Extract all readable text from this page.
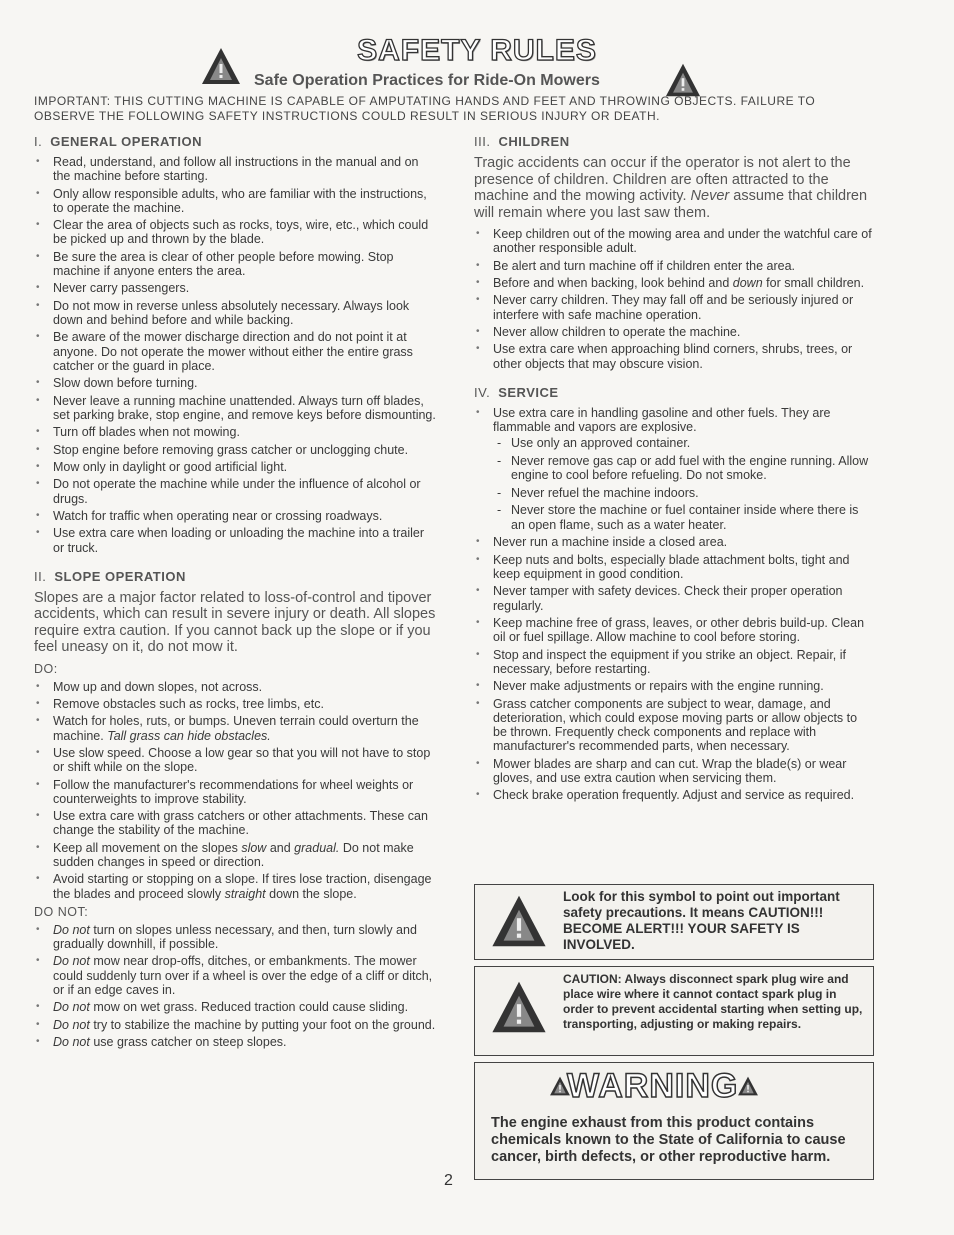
SAFETY RULES
Safe Operation Practices for Ride-On Mowers
IMPORTANT: THIS CUTTING MACHINE IS CAPABLE OF AMPUTATING HANDS AND FEET AND THROWING OBJECTS. FAILURE TO OBSERVE THE FOLLOWING SAFETY INSTRUCTIONS COULD RESULT IN SERIOUS INJURY OR DEATH.
I. GENERAL OPERATION
• Read, understand, and follow all instructions in the manual and on the machine before starting.
• Only allow responsible adults, who are familiar with the instructions, to operate the machine.
• Clear the area of objects such as rocks, toys, wire, etc., which could be picked up and thrown by the blade.
• Be sure the area is clear of other people before mowing. Stop machine if anyone enters the area.
• Never carry passengers.
• Do not mow in reverse unless absolutely necessary. Always look down and behind before and while backing.
• Be aware of the mower discharge direction and do not point it at anyone. Do not operate the mower without either the entire grass catcher or the guard in place.
• Slow down before turning.
• Never leave a running machine unattended. Always turn off blades, set parking brake, stop engine, and remove keys before dismounting.
• Turn off blades when not mowing.
• Stop engine before removing grass catcher or unclogging chute.
• Mow only in daylight or good artificial light.
• Do not operate the machine while under the influence of alcohol or drugs.
• Watch for traffic when operating near or crossing roadways.
• Use extra care when loading or unloading the machine into a trailer or truck.
II. SLOPE OPERATION

Slopes are a major factor related to loss-of-control and tipover accidents, which can result in severe injury or death. All slopes require extra caution. If you cannot back up the slope or if you feel uneasy on it, do not mow it.

DO:
• Mow up and down slopes, not across.
• Remove obstacles such as rocks, tree limbs, etc.
• Watch for holes, ruts, or bumps. Uneven terrain could overturn the machine. Tall grass can hide obstacles.
• Use slow speed. Choose a low gear so that you will not have to stop or shift while on the slope.
• Follow the manufacturer's recommendations for wheel weights or counterweights to improve stability.
• Use extra care with grass catchers or other attachments. These can change the stability of the machine.
• Keep all movement on the slopes slow and gradual. Do not make sudden changes in speed or direction.
• Avoid starting or stopping on a slope. If tires lose traction, disengage the blades and proceed slowly straight down the slope.
DO NOT:
• Do not turn on slopes unless necessary, and then, turn slowly and gradually downhill, if possible.
• Do not mow near drop-offs, ditches, or embankments. The mower could suddenly turn over if a wheel is over the edge of a cliff or ditch, or if an edge caves in.
• Do not mow on wet grass. Reduced traction could cause sliding.
• Do not try to stabilize the machine by putting your foot on the ground.
• Do not use grass catcher on steep slopes.
III. CHILDREN

Tragic accidents can occur if the operator is not alert to the presence of children. Children are often attracted to the machine and the mowing activity. Never assume that children will remain where you last saw them.

• Keep children out of the mowing area and under the watchful care of another responsible adult.
• Be alert and turn machine off if children enter the area.
• Before and when backing, look behind and down for small children.
• Never carry children. They may fall off and be seriously injured or interfere with safe machine operation.
• Never allow children to operate the machine.
• Use extra care when approaching blind corners, shrubs, trees, or other objects that may obscure vision.
IV. SERVICE
• Use extra care in handling gasoline and other fuels. They are flammable and vapors are explosive.
- Use only an approved container.
- Never remove gas cap or add fuel with the engine running. Allow engine to cool before refueling. Do not smoke.
- Never refuel the machine indoors.
- Never store the machine or fuel container inside where there is an open flame, such as a water heater.
• Never run a machine inside a closed area.
• Keep nuts and bolts, especially blade attachment bolts, tight and keep equipment in good condition.
• Never tamper with safety devices. Check their proper operation regularly.
• Keep machine free of grass, leaves, or other debris build-up. Clean oil or fuel spillage. Allow machine to cool before storing.
• Stop and inspect the equipment if you strike an object. Repair, if necessary, before restarting.
• Never make adjustments or repairs with the engine running.
• Grass catcher components are subject to wear, damage, and deterioration, which could expose moving parts or allow objects to be thrown. Frequently check components and replace with manufacturer's recommended parts, when necessary.
• Mower blades are sharp and can cut. Wrap the blade(s) or wear gloves, and use extra caution when servicing them.
• Check brake operation frequently. Adjust and service as required.
Look for this symbol to point out important safety precautions. It means CAUTION!!! BECOME ALERT!!! YOUR SAFETY IS INVOLVED.
CAUTION: Always disconnect spark plug wire and place wire where it cannot contact spark plug in order to prevent accidental starting when setting up, transporting, adjusting or making repairs.
WARNING
The engine exhaust from this product contains chemicals known to the State of California to cause cancer, birth defects, or other reproductive harm.
2
